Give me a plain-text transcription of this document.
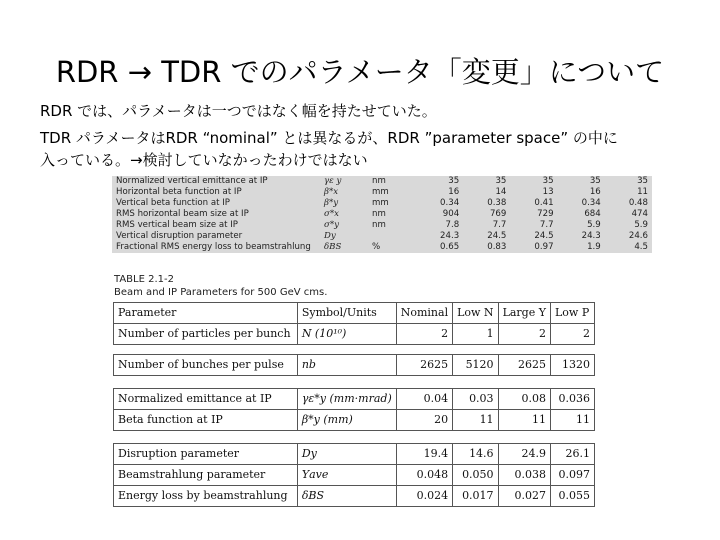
RDR → TDR でのパラメータ「変更」について
RDR では、パラメータは一つではなく幅を持たせていた。
TDR パラメータはRDR “nominal” とは異なるが、RDR ”parameter space” の中に
入っている。→検討していなかったわけではない
Normalized vertical emittance at IP	γε y	nm	35	35	35	35	35
Horizontal beta function at IP	β*x	mm	16	14	13	16	11
Vertical beta function at IP	β*y	mm	0.34	0.38	0.41	0.34	0.48
RMS horizontal beam size at IP	σ*x	nm	904	769	729	684	474
RMS vertical beam size at IP	σ*y	nm	7.8	7.7	7.7	5.9	5.9
Vertical disruption parameter	Dy		24.3	24.5	24.5	24.3	24.6
Fractional RMS energy loss to beamstrahlung	δBS	%	0.65	0.83	0.97	1.9	4.5
TABLE 2.1-2
Beam and IP Parameters for 500 GeV cms.
Parameter	Symbol/Units	Nominal	Low N	Large Y	Low P
Number of particles per bunch	N (10¹⁰)	2	1	2	2

Number of bunches per pulse	nb	2625	5120	2625	1320

Normalized emittance at IP	γε*y (mm·mrad)	0.04	0.03	0.08	0.036
Beta function at IP	β*y (mm)	20	11	11	11

Disruption parameter	Dy	19.4	14.6	24.9	26.1
Beamstrahlung parameter	Υave	0.048	0.050	0.038	0.097
Energy loss by beamstrahlung	δBS	0.024	0.017	0.027	0.055
